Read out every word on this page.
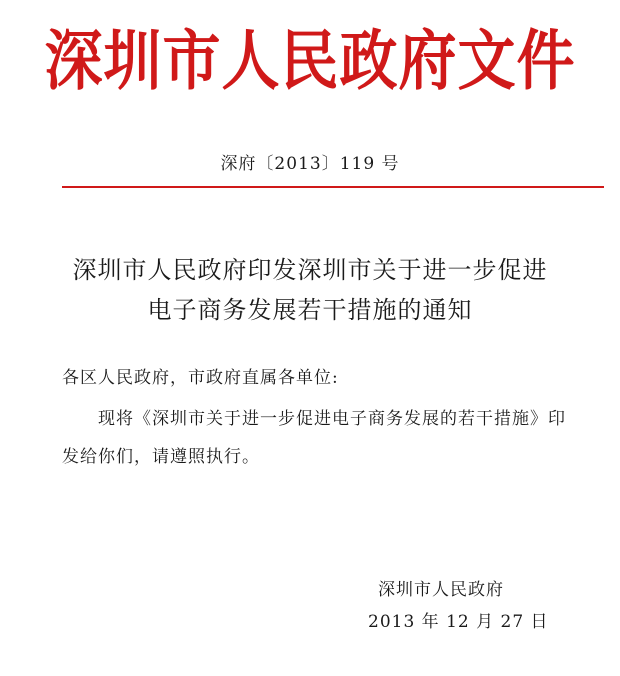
深圳市人民政府文件
深府〔2013〕119 号
深圳市人民政府印发深圳市关于进一步促进
电子商务发展若干措施的通知
各区人民政府，市政府直属各单位:
现将《深圳市关于进一步促进电子商务发展的若干措施》印
发给你们，请遵照执行。
深圳市人民政府
2013 年 12 月 27 日
